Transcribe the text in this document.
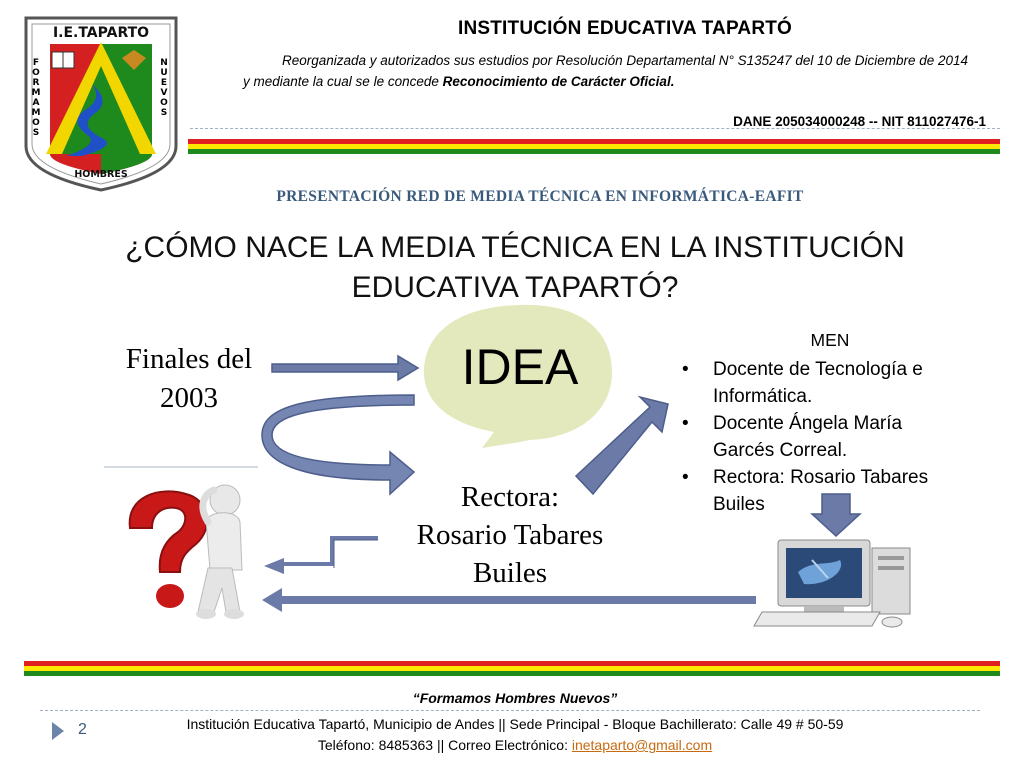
I.E.TAPARTO
HOMBRES
FORMAMOS
NUEVOS
INSTITUCIÓN EDUCATIVA TAPARTÓ
Reorganizada y autorizados sus estudios por Resolución Departamental N° S135247 del 10 de Diciembre de 2014
y mediante la cual se le concede Reconocimiento de Carácter Oficial.
DANE 205034000248 -- NIT 811027476-1
PRESENTACIÓN RED DE MEDIA TÉCNICA EN INFORMÁTICA-EAFIT
¿CÓMO NACE LA MEDIA TÉCNICA EN LA INSTITUCIÓN
EDUCATIVA TAPARTÓ?
Finales del
2003
IDEA
Rectora:
Rosario Tabares
Builes
MEN
• Docente de Tecnología e Informática.
• Docente Ángela María Garcés Correal.
• Rectora: Rosario Tabares Builes
“Formamos Hombres Nuevos”
2	Institución Educativa Tapartó, Municipio de Andes || Sede Principal - Bloque Bachillerato: Calle 49 # 50-59
Teléfono: 8485363 || Correo Electrónico: inetaparto@gmail.com
